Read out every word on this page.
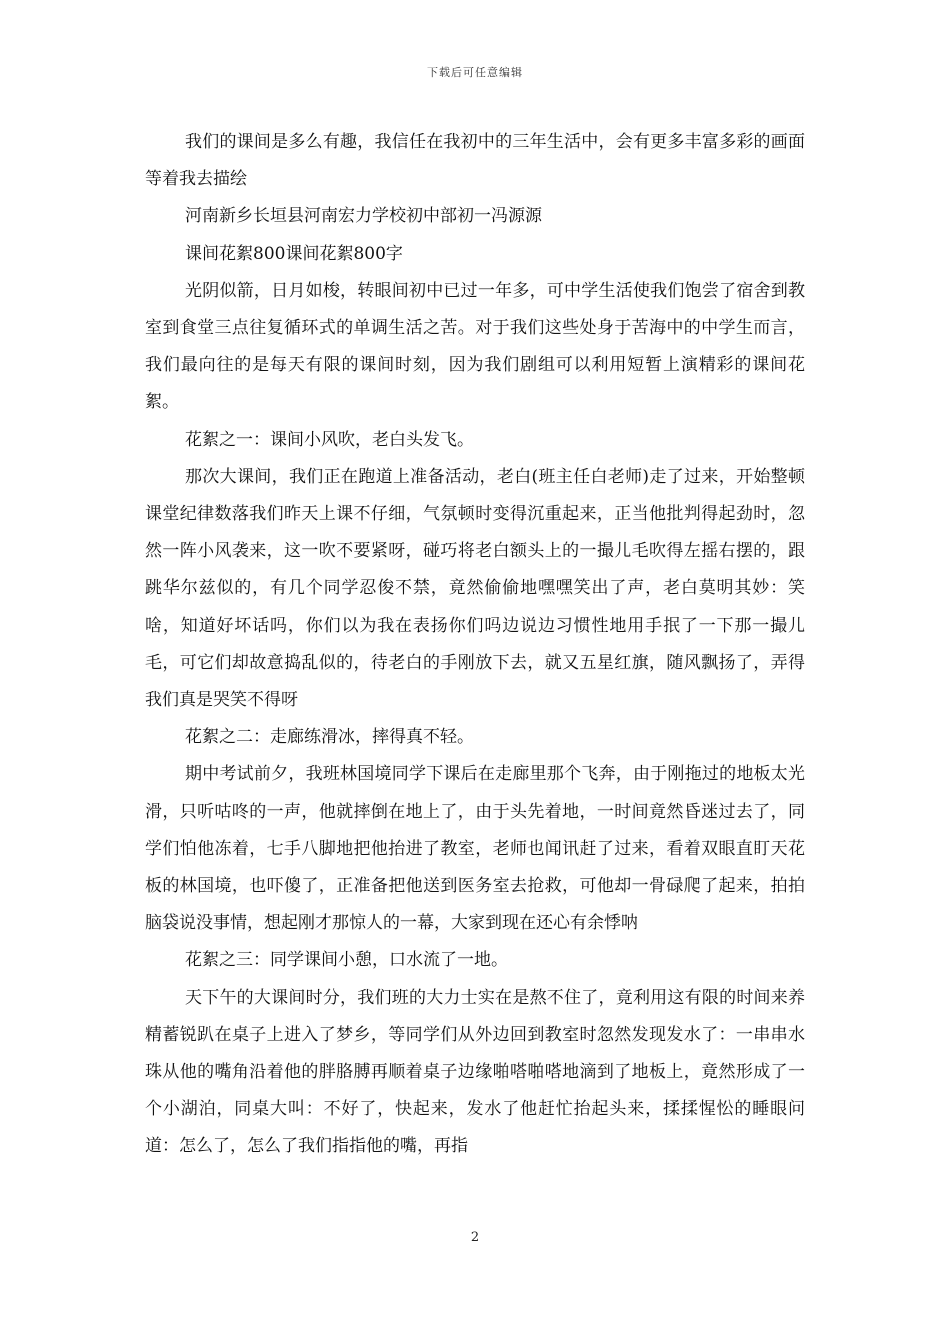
下载后可任意编辑

我们的课间是多么有趣，我信任在我初中的三年生活中，会有更多丰富多彩的画面等着我去描绘

河南新乡长垣县河南宏力学校初中部初一冯源源

课间花絮800课间花絮800字

光阴似箭，日月如梭，转眼间初中已过一年多，可中学生活使我们饱尝了宿舍到教室到食堂三点往复循环式的单调生活之苦。对于我们这些处身于苦海中的中学生而言，我们最向往的是每天有限的课间时刻，因为我们剧组可以利用短暂上演精彩的课间花絮。

花絮之一：课间小风吹，老白头发飞。

那次大课间，我们正在跑道上准备活动，老白(班主任白老师)走了过来，开始整顿课堂纪律数落我们昨天上课不仔细，气氛顿时变得沉重起来，正当他批判得起劲时，忽然一阵小风袭来，这一吹不要紧呀，碰巧将老白额头上的一撮儿毛吹得左摇右摆的，跟跳华尔兹似的，有几个同学忍俊不禁，竟然偷偷地嘿嘿笑出了声，老白莫明其妙：笑啥，知道好坏话吗，你们以为我在表扬你们吗边说边习惯性地用手抿了一下那一撮儿毛，可它们却故意捣乱似的，待老白的手刚放下去，就又五星红旗，随风飘扬了，弄得我们真是哭笑不得呀

花絮之二：走廊练滑冰，摔得真不轻。

期中考试前夕，我班林国境同学下课后在走廊里那个飞奔，由于刚拖过的地板太光滑，只听咕咚的一声，他就摔倒在地上了，由于头先着地，一时间竟然昏迷过去了，同学们怕他冻着，七手八脚地把他抬进了教室，老师也闻讯赶了过来，看着双眼直盯天花板的林国境，也吓傻了，正准备把他送到医务室去抢救，可他却一骨碌爬了起来，拍拍脑袋说没事情，想起刚才那惊人的一幕，大家到现在还心有余悸呐

花絮之三：同学课间小憩，口水流了一地。

天下午的大课间时分，我们班的大力士实在是熬不住了，竟利用这有限的时间来养精蓄锐趴在桌子上进入了梦乡，等同学们从外边回到教室时忽然发现发水了：一串串水珠从他的嘴角沿着他的胖胳膊再顺着桌子边缘啪嗒啪嗒地滴到了地板上，竟然形成了一个小湖泊，同桌大叫：不好了，快起来，发水了他赶忙抬起头来，揉揉惺忪的睡眼问道：怎么了，怎么了我们指指他的嘴，再指

2
